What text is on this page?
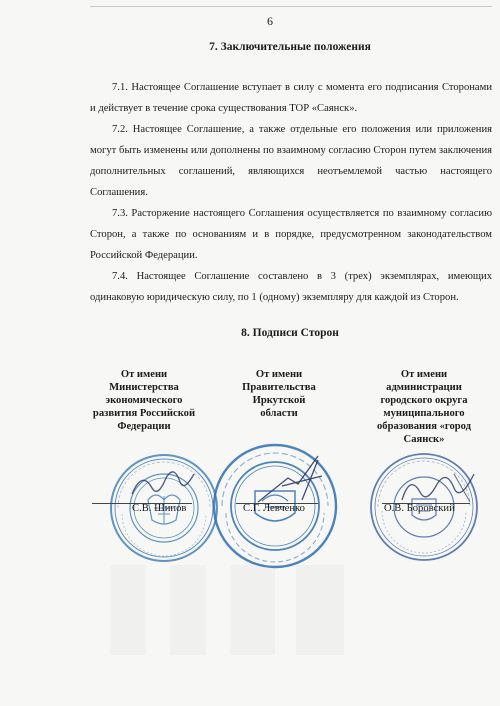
6
7. Заключительные положения
7.1. Настоящее Соглашение вступает в силу с момента его подписания Сторонами и действует в течение срока существования ТОР «Саянск».
7.2. Настоящее Соглашение, а также отдельные его положения или приложения могут быть изменены или дополнены по взаимному согласию Сторон путем заключения дополнительных соглашений, являющихся неотъемлемой частью настоящего Соглашения.
7.3. Расторжение настоящего Соглашения осуществляется по взаимному согласию Сторон, а также по основаниям и в порядке, предусмотренном законодательством Российской Федерации.
7.4. Настоящее Соглашение составлено в 3 (трех) экземплярах, имеющих одинаковую юридическую силу, по 1 (одному) экземпляру для каждой из Сторон.
8. Подписи Сторон
От имени
Министерства
экономического
развития Российской
Федерации
От имени
Правительства
Иркутской
области
От имени
администрации
городского округа
муниципального
образования «город
Саянск»
С.В. Шипов	С.Г. Левченко	О.В. Боровский
